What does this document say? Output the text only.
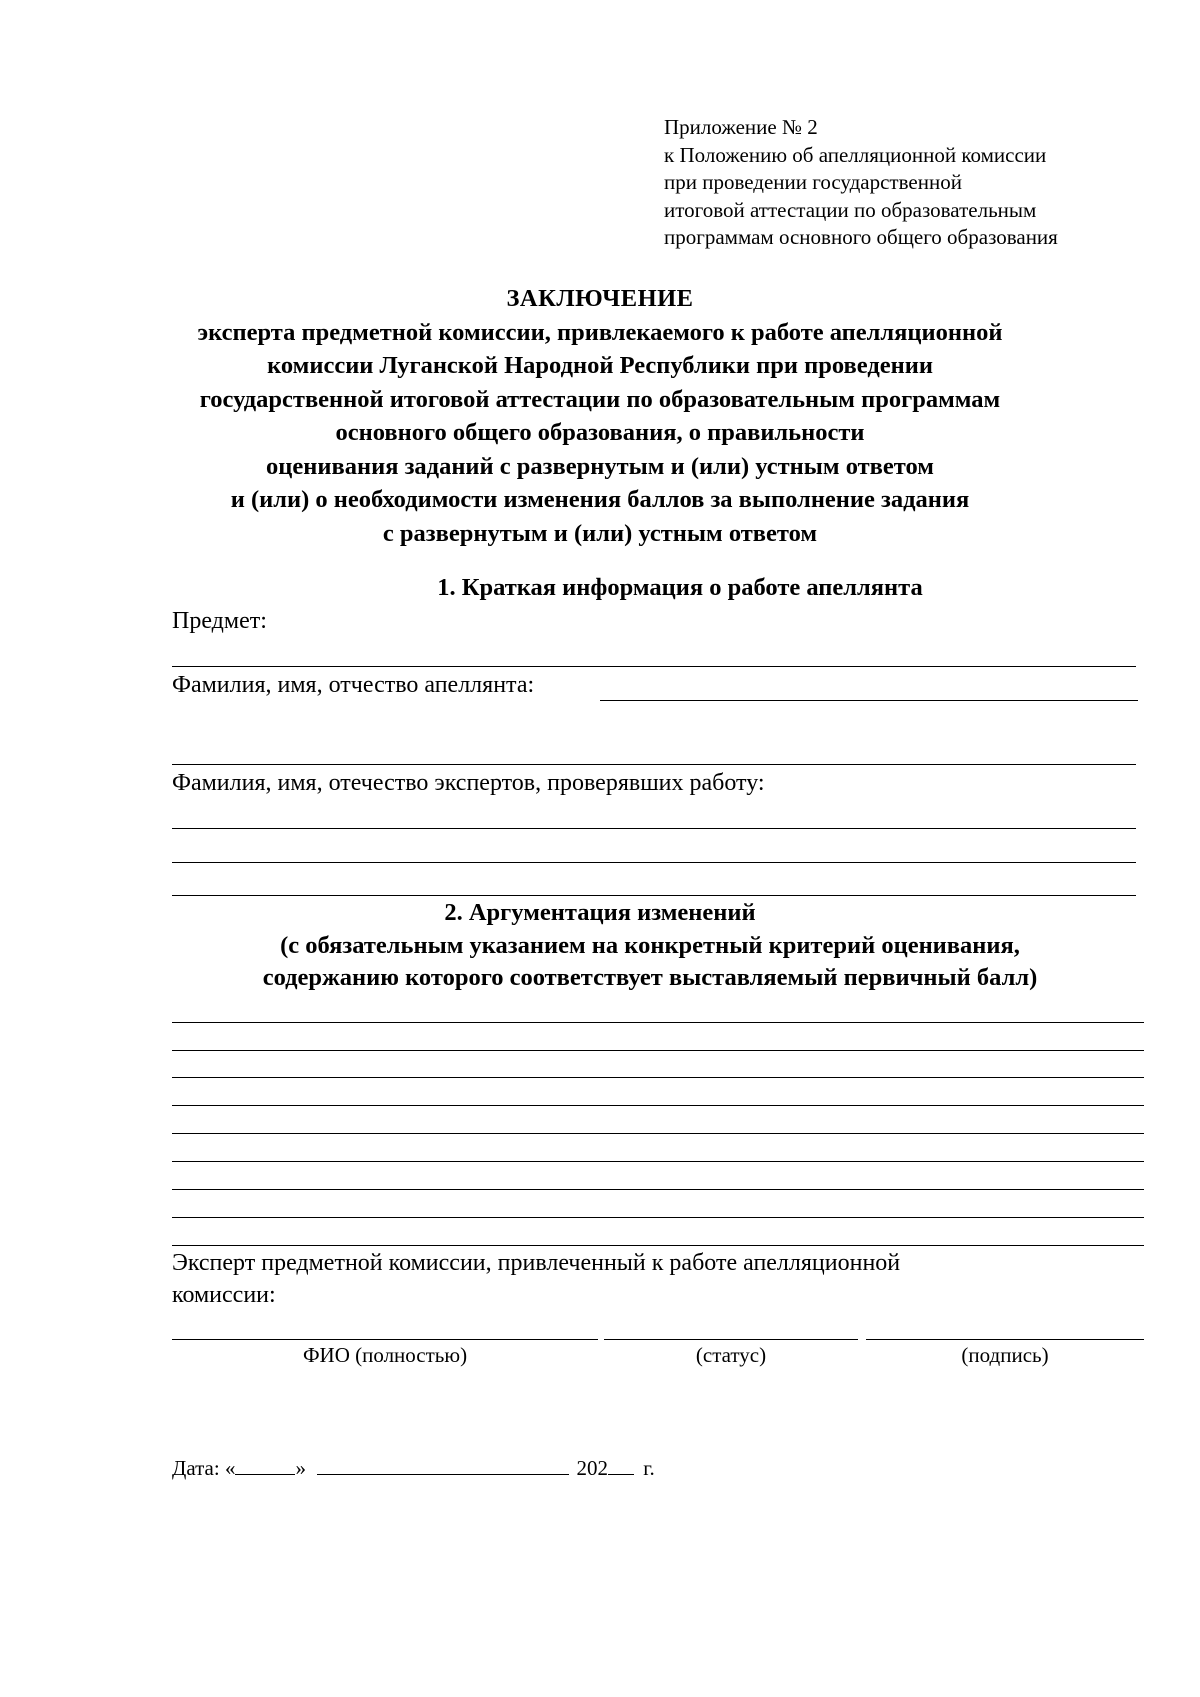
Приложение № 2
к Положению об апелляционной комиссии
при проведении государственной
итоговой аттестации по образовательным
программам основного общего образования
ЗАКЛЮЧЕНИЕ
эксперта предметной комиссии, привлекаемого к работе апелляционной
комиссии Луганской Народной Республики при проведении
государственной итоговой аттестации по образовательным программам
основного общего образования, о правильности
оценивания заданий с развернутым и (или) устным ответом
и (или) о необходимости изменения баллов за выполнение задания
с развернутым и (или) устным ответом
1. Краткая информация о работе апеллянта
Предмет:
Фамилия, имя, отчество апеллянта:
Фамилия, имя, отечество экспертов, проверявших работу:
2. Аргументация изменений
(с обязательным указанием на конкретный критерий оценивания,
содержанию которого соответствует выставляемый первичный балл)
Эксперт предметной комиссии, привлеченный к работе апелляционной
комиссии:
ФИО (полностью)	(статус)	(подпись)
Дата: «	»	202 г.
